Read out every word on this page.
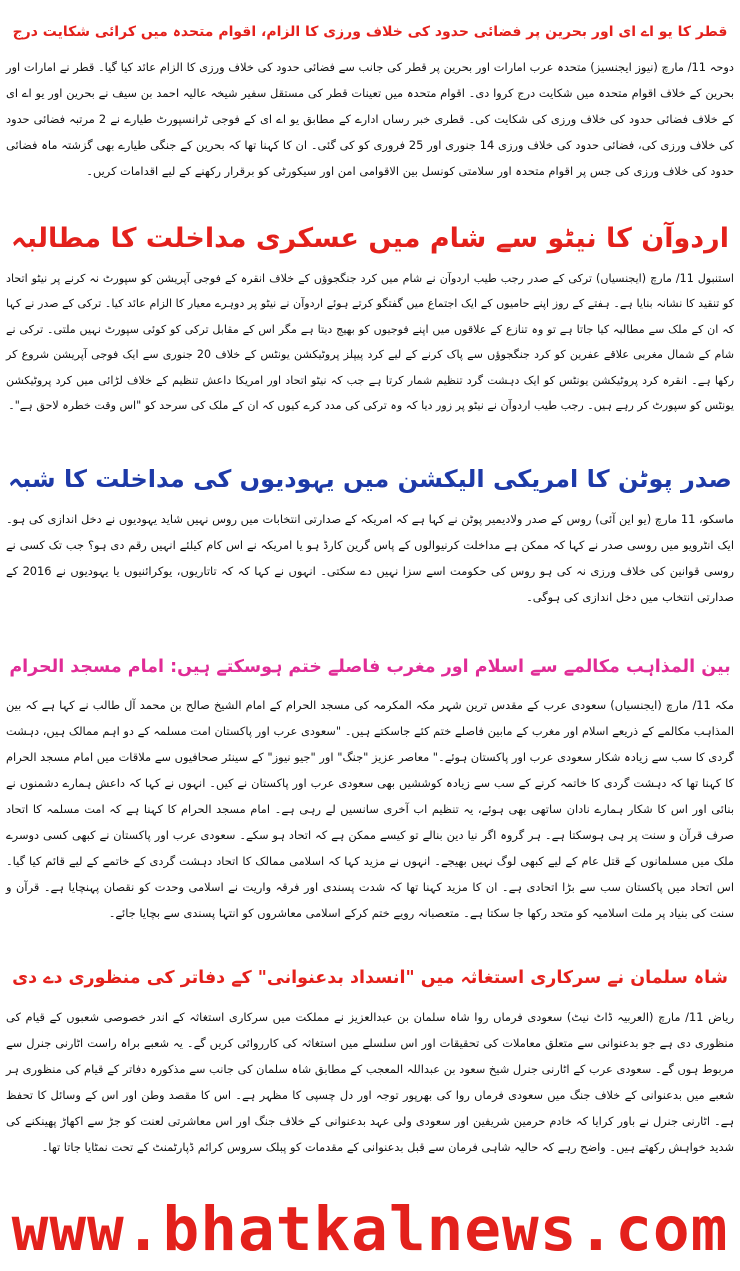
قطر کا یو اے ای اور بحرین پر فضائی حدود کی خلاف ورزی کا الزام، اقوام متحدہ میں کرائی شکایت درج

دوحہ 11/ مارچ (نیوز ایجنسیز) متحدہ عرب امارات اور بحرین پر قطر کی جانب سے فضائی حدود کی خلاف ورزی کا الزام عائد کیا گیا۔ قطر نے امارات اور بحرین کے خلاف اقوام متحدہ میں شکایت درج کروا دی۔ اقوام متحدہ میں تعینات قطر کی مستقل سفیر شیخہ عالیہ احمد بن سیف نے بحرین اور یو اے ای کے خلاف فضائی حدود کی خلاف ورزی کی شکایت کی۔ قطری خبر رساں ادارے کے مطابق یو اے ای کے فوجی ٹرانسپورٹ طیارے نے 2 مرتبہ فضائی حدود کی خلاف ورزی کی، فضائی حدود کی خلاف ورزی 14 جنوری اور 25 فروری کو کی گئی۔ ان کا کہنا تھا کہ بحرین کے جنگی طیارے بھی گزشتہ ماہ فضائی حدود کی خلاف ورزی کی جس پر اقوام متحدہ اور سلامتی کونسل بین الاقوامی امن اور سیکورٹی کو برقرار رکھنے کے لیے اقدامات کریں۔

اردوآن کا نیٹو سے شام میں عسکری مداخلت کا مطالبہ

استنبول 11/ مارچ (ایجنسیاں) ترکی کے صدر رجب طیب اردوآن نے شام میں کرد جنگجوؤں کے خلاف انقرہ کے فوجی آپریشن کو سپورٹ نہ کرنے پر نیٹو اتحاد کو تنقید کا نشانہ بنایا ہے۔ ہفتے کے روز اپنے حامیوں کے ایک اجتماع میں گفتگو کرتے ہوئے اردوآن نے نیٹو پر دوہرے معیار کا الزام عائد کیا۔ ترکی کے صدر نے کہا کہ ان کے ملک سے مطالبہ کیا جاتا ہے تو وہ تنازع کے علاقوں میں اپنے فوجیوں کو بھیج دیتا ہے مگر اس کے مقابل ترکی کو کوئی سپورٹ نہیں ملتی۔ ترکی نے شام کے شمال مغربی علاقے عفرین کو کرد جنگجوؤں سے پاک کرنے کے لیے کرد پیپلز پروٹیکشن یونٹس کے خلاف 20 جنوری سے ایک فوجی آپریشن شروع کر رکھا ہے۔ انقرہ کرد پروٹیکشن یونٹس کو ایک دہشت گرد تنظیم شمار کرتا ہے جب کہ نیٹو اتحاد اور امریکا داعش تنظیم کے خلاف لڑائی میں کرد پروٹیکشن یونٹس کو سپورٹ کر رہے ہیں۔ رجب طیب اردوآن نے نیٹو پر زور دیا کہ وہ ترکی کی مدد کرے کیوں کہ ان کے ملک کی سرحد کو "اس وقت خطرہ لاحق ہے"۔

صدر پوٹن کا امریکی الیکشن میں یہودیوں کی مداخلت کا شبہ

ماسکو، 11 مارچ (یو این آئی) روس کے صدر ولادیمیر پوٹن نے کہا ہے کہ امریکہ کے صدارتی انتخابات میں روس نہیں شاید یہودیوں نے دخل اندازی کی ہو۔ ایک انٹرویو میں روسی صدر نے کہا کہ ممکن ہے مداخلت کرنیوالوں کے پاس گرین کارڈ ہو یا امریکہ نے اس کام کیلئے انہیں رقم دی ہو؟ جب تک کسی نے روسی قوانین کی خلاف ورزی نہ کی ہو روس کی حکومت اسے سزا نہیں دے سکتی۔ انہوں نے کہا کہ کہ تاتاریوں، یوکرائنیوں یا یہودیوں نے 2016 کے صدارتی انتخاب میں دخل اندازی کی ہوگی۔

بین المذاہب مکالمے سے اسلام اور مغرب فاصلے ختم ہوسکتے ہیں: امام مسجد الحرام

مکہ 11/ مارچ (ایجنسیاں) سعودی عرب کے مقدس ترین شہر مکہ المکرمہ کی مسجد الحرام کے امام الشیخ صالح بن محمد آل طالب نے کہا ہے کہ بین المذاہب مکالمے کے ذریعے اسلام اور مغرب کے مابین فاصلے ختم کئے جاسکتے ہیں۔ "سعودی عرب اور پاکستان امت مسلمہ کے دو اہم ممالک ہیں، دہشت گردی کا سب سے زیادہ شکار سعودی عرب اور پاکستان ہوئے۔" معاصر عزیز "جنگ" اور "جیو نیوز" کے سینئر صحافیوں سے ملاقات میں امام مسجد الحرام کا کہنا تھا کہ دہشت گردی کا خاتمہ کرنے کے سب سے زیادہ کوششیں بھی سعودی عرب اور پاکستان نے کیں۔ انہوں نے کہا کہ داعش ہمارے دشمنوں نے بنائی اور اس کا شکار ہمارے نادان ساتھی بھی ہوئے، یہ تنظیم اب آخری سانسیں لے رہی ہے۔ امام مسجد الحرام کا کہنا ہے کہ امت مسلمہ کا اتحاد صرف قرآن و سنت پر ہی ہوسکتا ہے۔ ہر گروہ اگر نیا دین بنالے تو کیسے ممکن ہے کہ اتحاد ہو سکے۔ سعودی عرب اور پاکستان نے کبھی کسی دوسرے ملک میں مسلمانوں کے قتل عام کے لیے کبھی لوگ نہیں بھیجے۔ انہوں نے مزید کہا کہ اسلامی ممالک کا اتحاد دہشت گردی کے خاتمے کے لیے قائم کیا گیا۔ اس اتحاد میں پاکستان سب سے بڑا اتحادی ہے۔ ان کا مزید کہنا تھا کہ شدت پسندی اور فرقہ واریت نے اسلامی وحدت کو نقصان پہنچایا ہے۔ قرآن و سنت کی بنیاد پر ملت اسلامیہ کو متحد رکھا جا سکتا ہے۔ متعصبانہ رویے ختم کرکے اسلامی معاشروں کو انتہا پسندی سے بچایا جائے۔

شاہ سلمان نے سرکاری استغاثہ میں "انسداد بدعنوانی" کے دفاتر کی منظوری دے دی

ریاض 11/ مارچ (العربیہ ڈاٹ نیٹ) سعودی فرماں روا شاہ سلمان بن عبدالعزیز نے مملکت میں سرکاری استغاثہ کے اندر خصوصی شعبوں کے قیام کی منظوری دی ہے جو بدعنوانی سے متعلق معاملات کی تحقیقات اور اس سلسلے میں استغاثہ کی کارروائی کریں گے۔ یہ شعبے براہ راست اٹارنی جنرل سے مربوط ہوں گے۔ سعودی عرب کے اٹارنی جنرل شیخ سعود بن عبداللہ المعجب کے مطابق شاہ سلمان کی جانب سے مذکورہ دفاتر کے قیام کی منظوری ہر شعبے میں بدعنوانی کے خلاف جنگ میں سعودی فرماں روا کی بھرپور توجہ اور دل چسپی کا مظہر ہے۔ اس کا مقصد وطن اور اس کے وسائل کا تحفظ ہے۔ اٹارنی جنرل نے باور کرایا کہ خادم حرمین شریفین اور سعودی ولی عہد بدعنوانی کے خلاف جنگ اور اس معاشرتی لعنت کو جڑ سے اکھاڑ پھینکنے کی شدید خواہش رکھتے ہیں۔ واضح رہے کہ حالیہ شاہی فرمان سے قبل بدعنوانی کے مقدمات کو پبلک سروس کرائم ڈپارٹمنٹ کے تحت نمٹایا جاتا تھا۔

www.bhatkalnews.com
